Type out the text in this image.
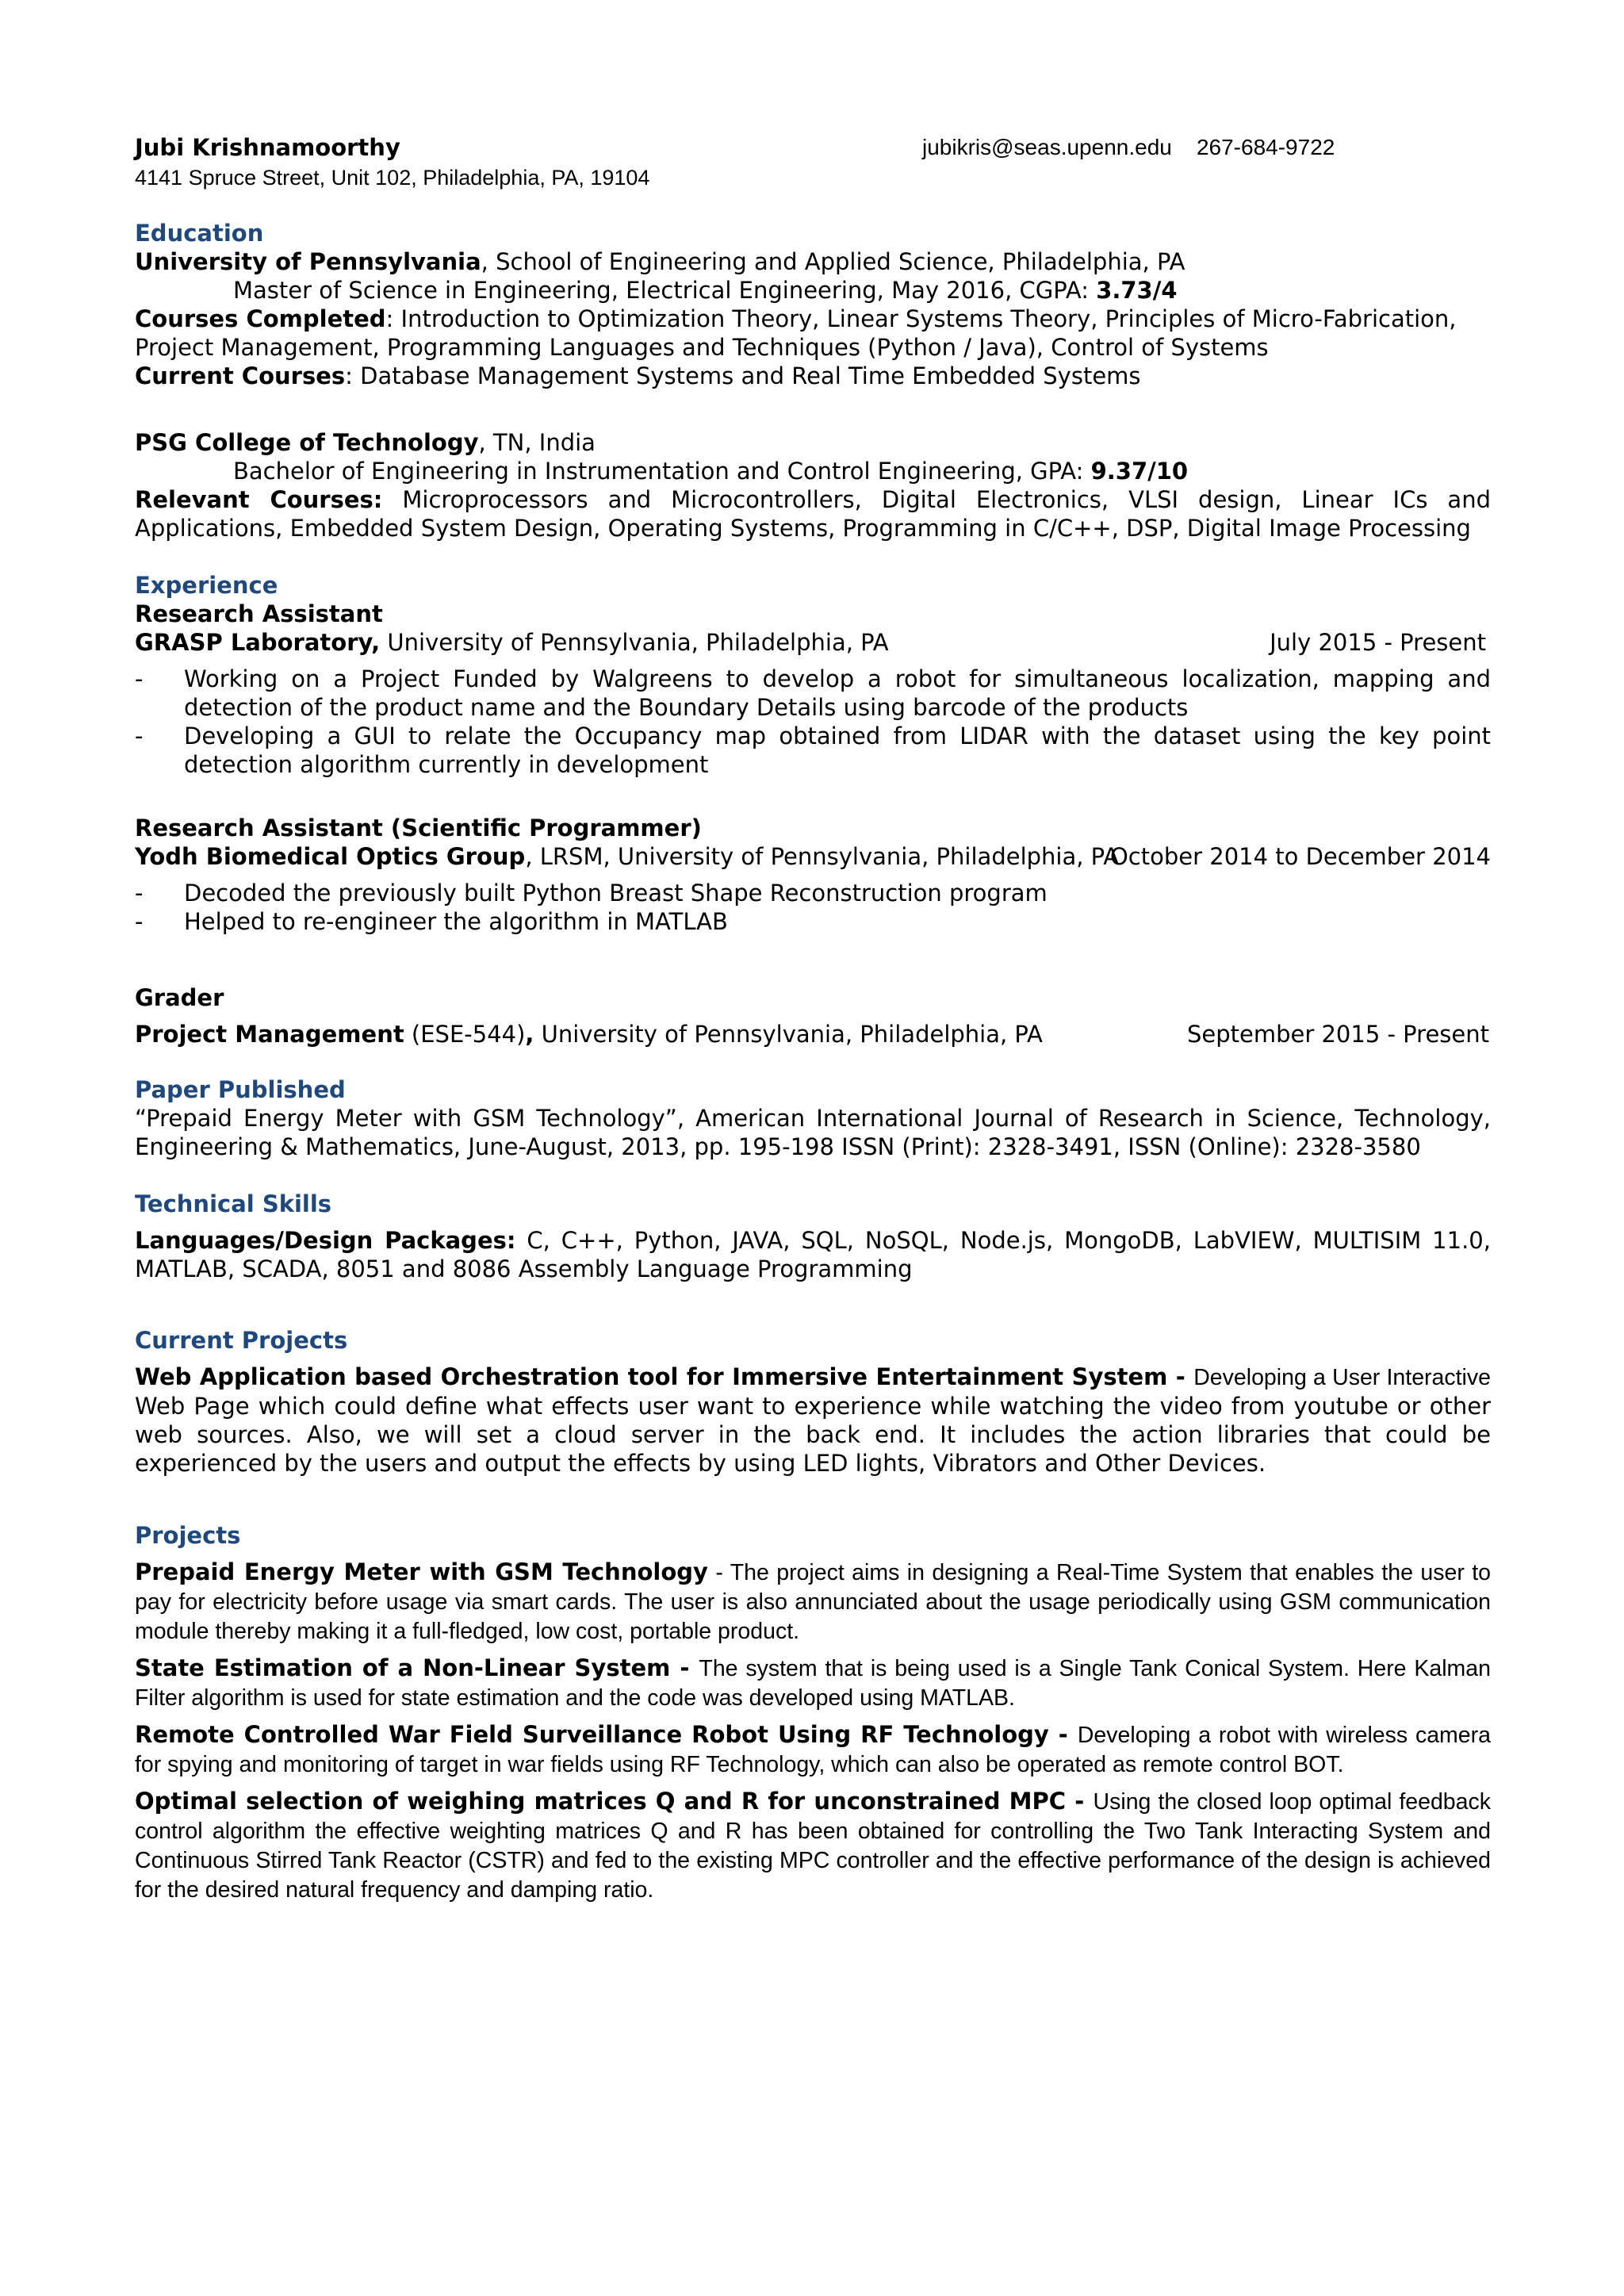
Jubi Krishnamoorthy	jubikris@seas.upenn.edu 267-684-9722
4141 Spruce Street, Unit 102, Philadelphia, PA, 19104
Education
University of Pennsylvania, School of Engineering and Applied Science, Philadelphia, PA
Master of Science in Engineering, Electrical Engineering, May 2016, CGPA: 3.73/4

Courses Completed: Introduction to Optimization Theory, Linear Systems Theory, Principles of Micro-Fabrication, Project Management, Programming Languages and Techniques (Python / Java), Control of Systems

Current Courses: Database Management Systems and Real Time Embedded Systems

PSG College of Technology, TN, India
Bachelor of Engineering in Instrumentation and Control Engineering, GPA: 9.37/10

Relevant Courses: Microprocessors and Microcontrollers, Digital Electronics, VLSI design, Linear ICs and Applications, Embedded System Design, Operating Systems, Programming in C/C++, DSP, Digital Image Processing

Experience
Research Assistant
GRASP Laboratory, University of Pennsylvania, Philadelphia, PA	July 2015 - Present
- Working on a Project Funded by Walgreens to develop a robot for simultaneous localization, mapping and detection of the product name and the Boundary Details using barcode of the products
- Developing a GUI to relate the Occupancy map obtained from LIDAR with the dataset using the key point detection algorithm currently in development
Research Assistant (Scientific Programmer)
Yodh Biomedical Optics Group, LRSM, University of Pennsylvania, Philadelphia, PA
October 2014 to December 2014
- Decoded the previously built Python Breast Shape Reconstruction program
- Helped to re-engineer the algorithm in MATLAB
Grader
Project Management (ESE-544), University of Pennsylvania, Philadelphia, PA	September 2015 - Present
Paper Published

“Prepaid Energy Meter with GSM Technology”, American International Journal of Research in Science, Technology, Engineering & Mathematics, June-August, 2013, pp. 195-198 ISSN (Print): 2328-3491, ISSN (Online): 2328-3580

Technical Skills

Languages/Design Packages: C, C++, Python, JAVA, SQL, NoSQL, Node.js, MongoDB, LabVIEW, MULTISIM 11.0, MATLAB, SCADA, 8051 and 8086 Assembly Language Programming

Current Projects

Web Application based Orchestration tool for Immersive Entertainment System - Developing a User Interactive Web Page which could define what effects user want to experience while watching the video from youtube or other web sources. Also, we will set a cloud server in the back end. It includes the action libraries that could be experienced by the users and output the effects by using LED lights, Vibrators and Other Devices.

Projects

Prepaid Energy Meter with GSM Technology - The project aims in designing a Real-Time System that enables the user to pay for electricity before usage via smart cards. The user is also annunciated about the usage periodically using GSM communication module thereby making it a full-fledged, low cost, portable product.

State Estimation of a Non-Linear System - The system that is being used is a Single Tank Conical System. Here Kalman Filter algorithm is used for state estimation and the code was developed using MATLAB.

Remote Controlled War Field Surveillance Robot Using RF Technology - Developing a robot with wireless camera for spying and monitoring of target in war fields using RF Technology, which can also be operated as remote control BOT.

Optimal selection of weighing matrices Q and R for unconstrained MPC - Using the closed loop optimal feedback control algorithm the effective weighting matrices Q and R has been obtained for controlling the Two Tank Interacting System and Continuous Stirred Tank Reactor (CSTR) and fed to the existing MPC controller and the effective performance of the design is achieved for the desired natural frequency and damping ratio.
